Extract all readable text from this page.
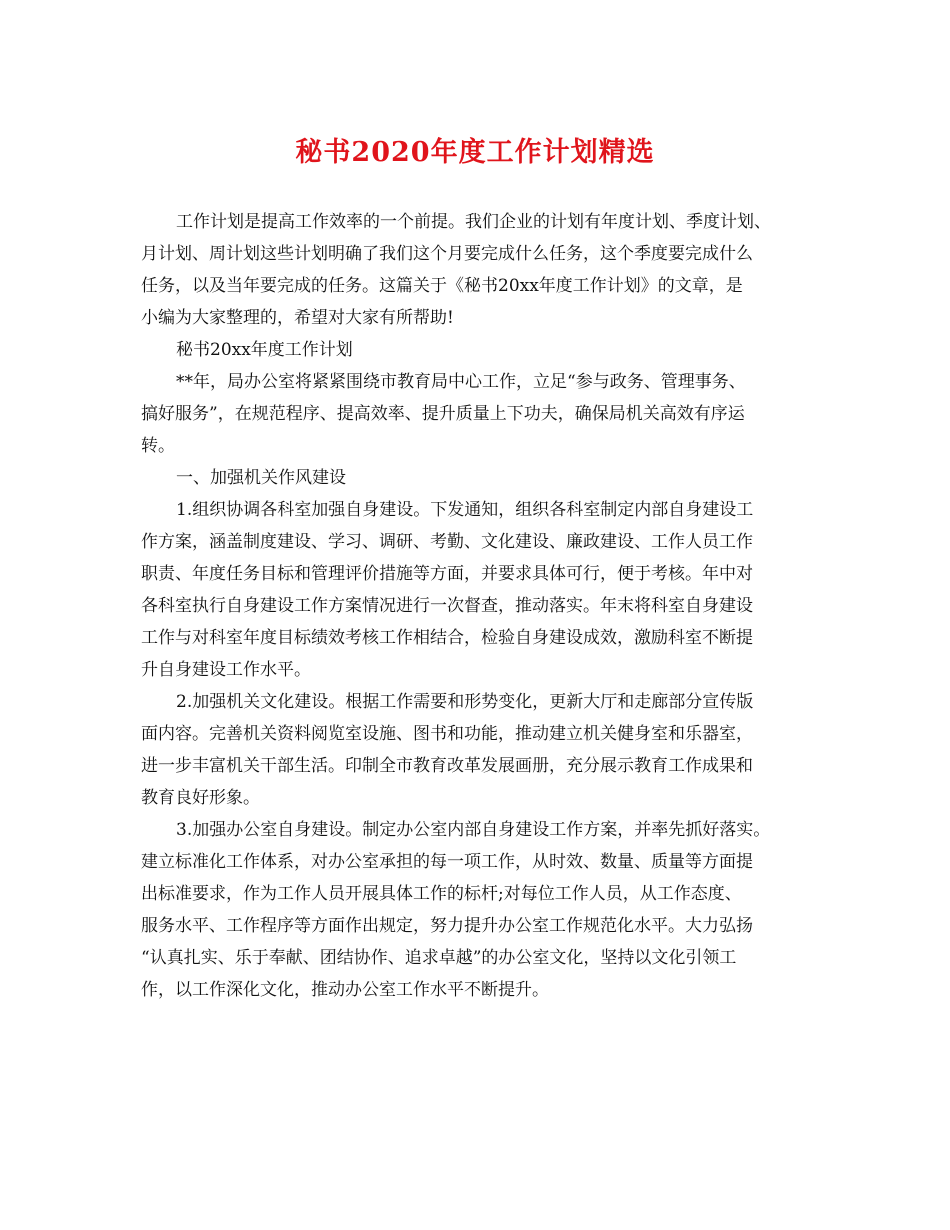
秘书2020年度工作计划精选

工作计划是提高工作效率的一个前提。我们企业的计划有年度计划、季度计划、

月计划、周计划这些计划明确了我们这个月要完成什么任务，这个季度要完成什么

任务，以及当年要完成的任务。这篇关于《秘书20xx年度工作计划》的文章，是

小编为大家整理的，希望对大家有所帮助!

秘书20xx年度工作计划

**年，局办公室将紧紧围绕市教育局中心工作，立足“参与政务、管理事务、

搞好服务”，在规范程序、提高效率、提升质量上下功夫，确保局机关高效有序运

转。

一、加强机关作风建设

1.组织协调各科室加强自身建设。下发通知，组织各科室制定内部自身建设工

作方案，涵盖制度建设、学习、调研、考勤、文化建设、廉政建设、工作人员工作

职责、年度任务目标和管理评价措施等方面，并要求具体可行，便于考核。年中对

各科室执行自身建设工作方案情况进行一次督查，推动落实。年末将科室自身建设

工作与对科室年度目标绩效考核工作相结合，检验自身建设成效，激励科室不断提

升自身建设工作水平。

2.加强机关文化建设。根据工作需要和形势变化，更新大厅和走廊部分宣传版

面内容。完善机关资料阅览室设施、图书和功能，推动建立机关健身室和乐器室，

进一步丰富机关干部生活。印制全市教育改革发展画册，充分展示教育工作成果和

教育良好形象。

3.加强办公室自身建设。制定办公室内部自身建设工作方案，并率先抓好落实。

建立标准化工作体系，对办公室承担的每一项工作，从时效、数量、质量等方面提

出标准要求，作为工作人员开展具体工作的标杆;对每位工作人员，从工作态度、

服务水平、工作程序等方面作出规定，努力提升办公室工作规范化水平。大力弘扬

“认真扎实、乐于奉献、团结协作、追求卓越”的办公室文化，坚持以文化引领工

作，以工作深化文化，推动办公室工作水平不断提升。
